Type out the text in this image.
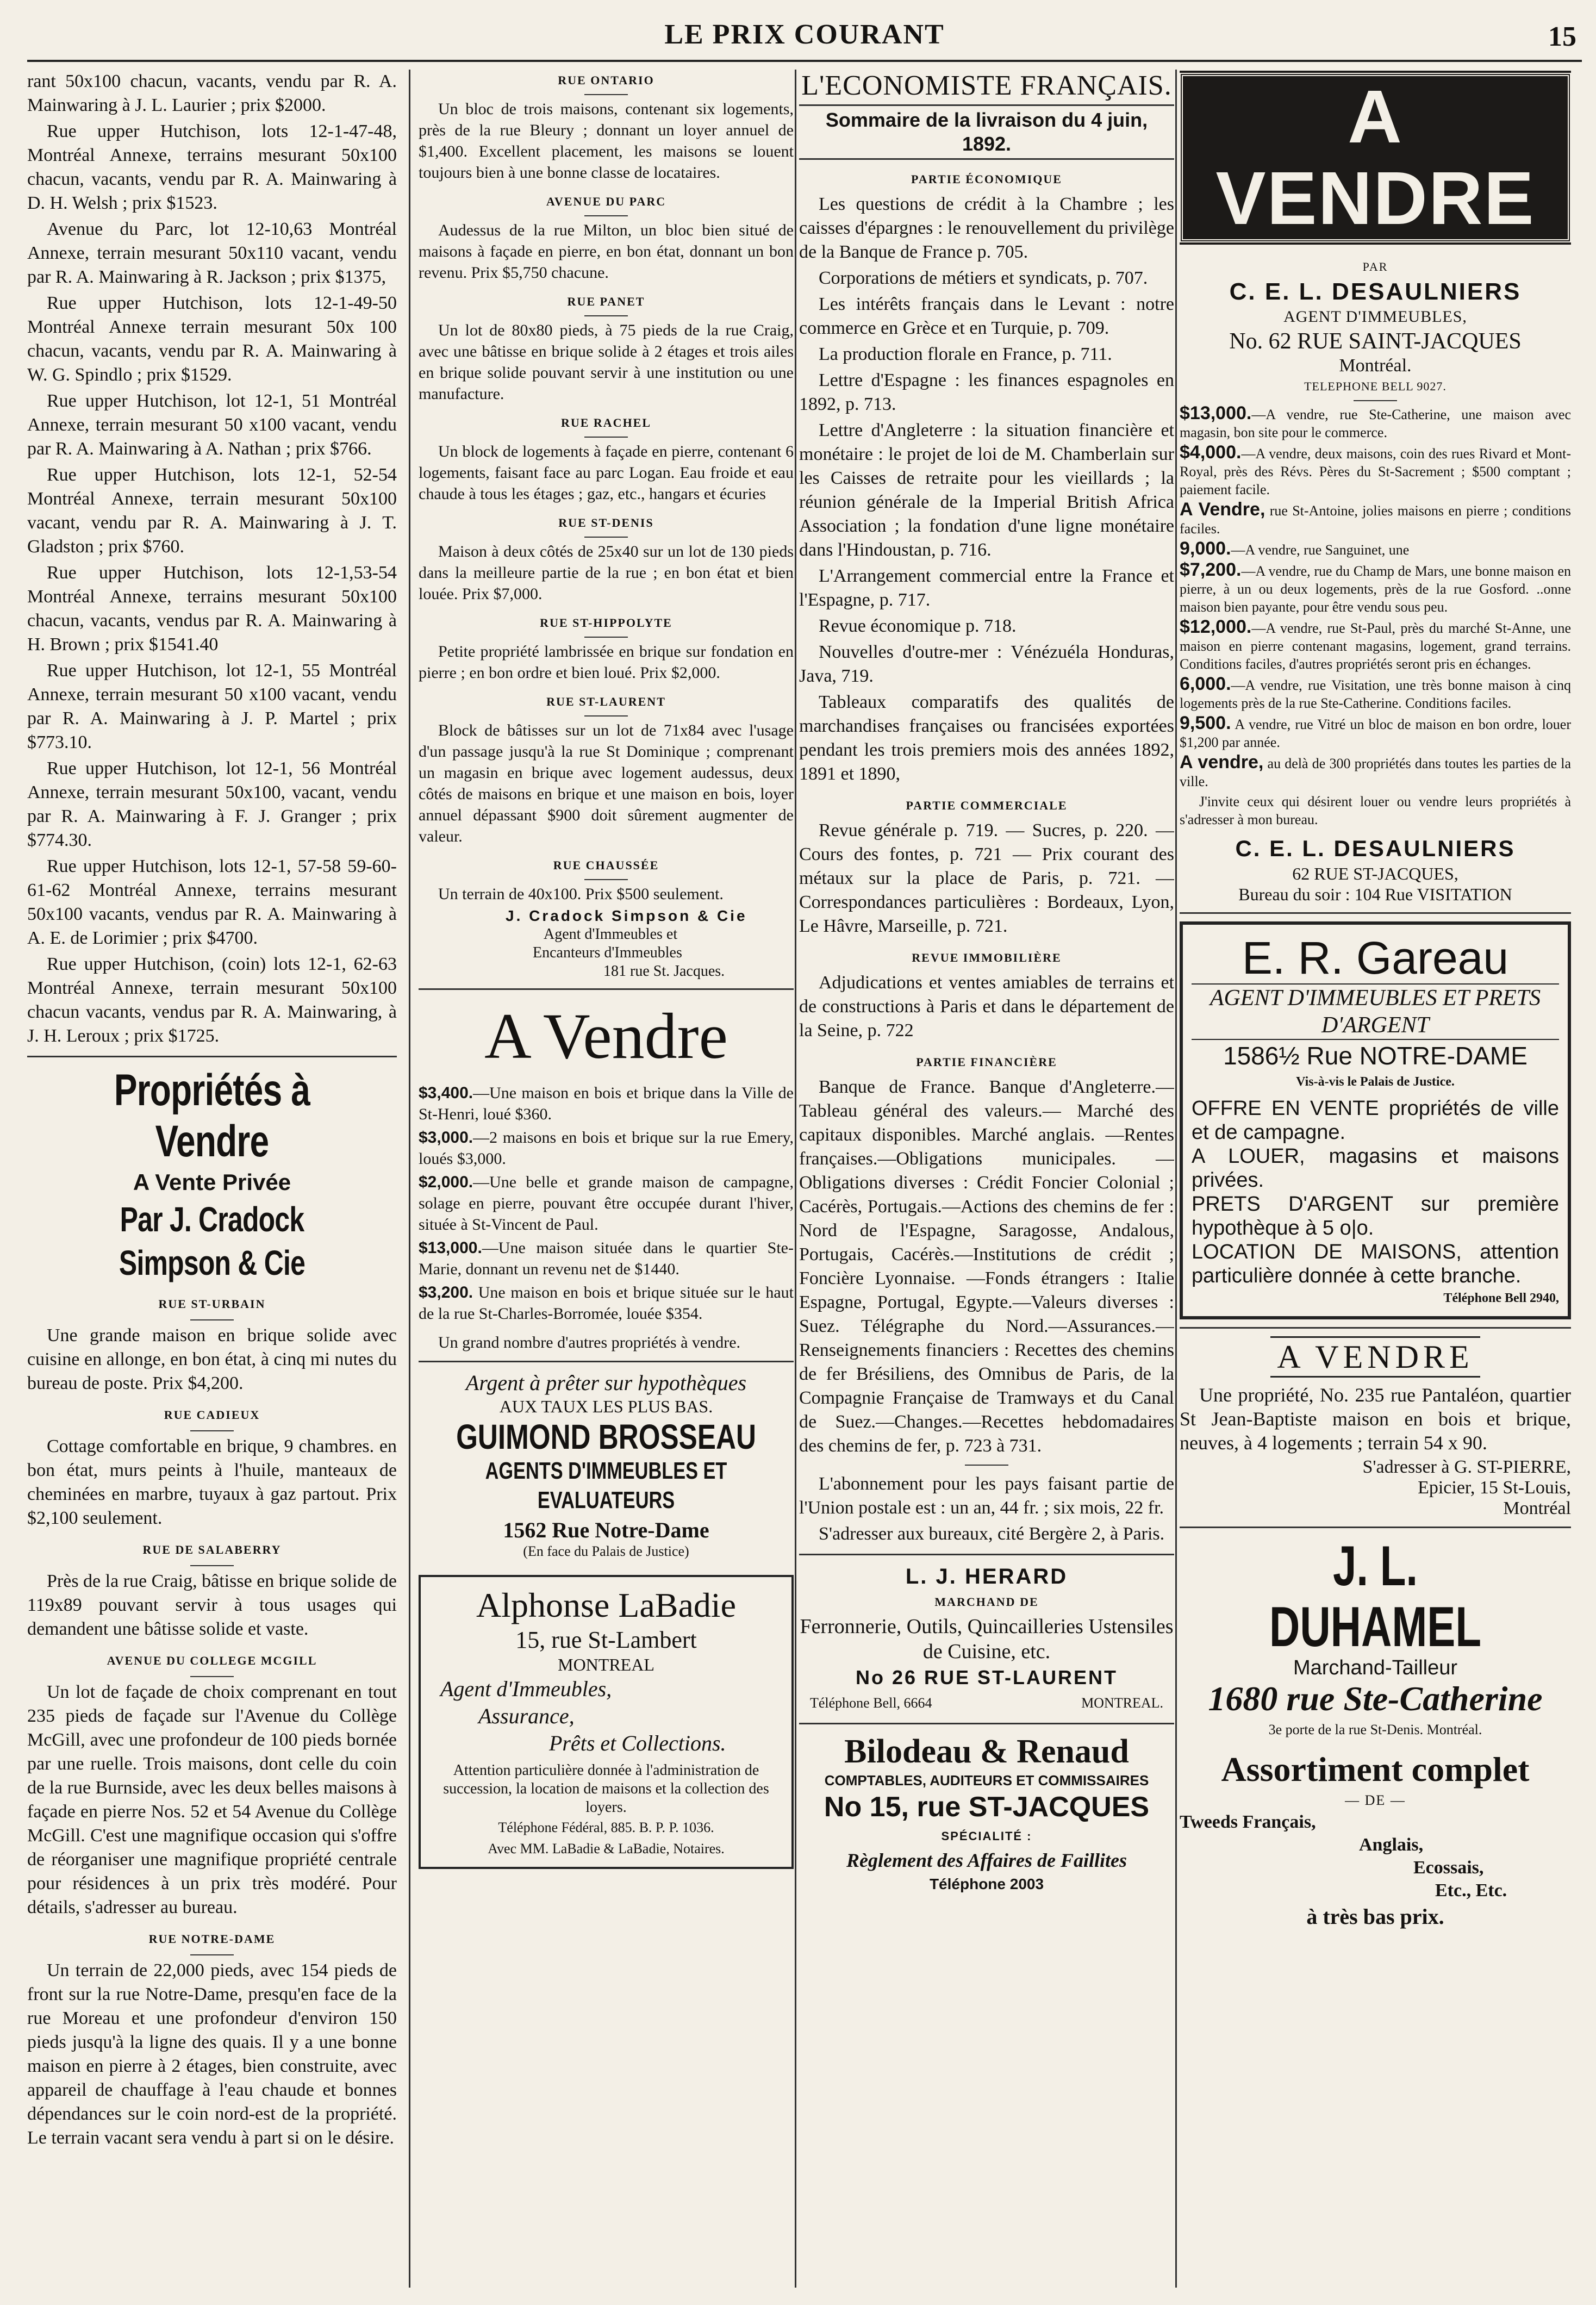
LE PRIX COURANT	15

rant 50x100 chacun, vacants, vendu par R. A. Mainwaring à J. L. Laurier ; prix $2000.

Rue upper Hutchison, lots 12-1-47-48, Montréal Annexe, terrains mesurant 50x100 chacun, vacants, vendu par R. A. Mainwaring à D. H. Welsh ; prix $1523.

Avenue du Parc, lot 12-10,63 Montréal Annexe, terrain mesurant 50x110 vacant, vendu par R. A. Mainwaring à R. Jackson ; prix $1375,

Rue upper Hutchison, lots 12-1-49-50 Montréal Annexe terrain mesurant 50x 100 chacun, vacants, vendu par R. A. Mainwaring à W. G. Spindlo ; prix $1529.

Rue upper Hutchison, lot 12-1, 51 Montréal Annexe, terrain mesurant 50 x100 vacant, vendu par R. A. Mainwaring à A. Nathan ; prix $766.

Rue upper Hutchison, lots 12-1, 52-54 Montréal Annexe, terrain mesurant 50x100 vacant, vendu par R. A. Mainwaring à J. T. Gladston ; prix $760.

Rue upper Hutchison, lots 12-1,53-54 Montréal Annexe, terrains mesurant 50x100 chacun, vacants, vendus par R. A. Mainwaring à H. Brown ; prix $1541.40

Rue upper Hutchison, lot 12-1, 55 Montréal Annexe, terrain mesurant 50 x100 vacant, vendu par R. A. Mainwaring à J. P. Martel ; prix $773.10.

Rue upper Hutchison, lot 12-1, 56 Montréal Annexe, terrain mesurant 50x100, vacant, vendu par R. A. Mainwaring à F. J. Granger ; prix $774.30.

Rue upper Hutchison, lots 12-1, 57-58 59-60-61-62 Montréal Annexe, terrains mesurant 50x100 vacants, vendus par R. A. Mainwaring à A. E. de Lorimier ; prix $4700.

Rue upper Hutchison, (coin) lots 12-1, 62-63 Montréal Annexe, terrain mesurant 50x100 chacun vacants, vendus par R. A. Mainwaring, à J. H. Leroux ; prix $1725.

Propriétés à Vendre
A Vente Privée
Par J. Cradock Simpson & Cie
RUE ST-URBAIN

Une grande maison en brique solide avec cuisine en allonge, en bon état, à cinq mi nutes du bureau de poste. Prix $4,200.

RUE CADIEUX

Cottage comfortable en brique, 9 chambres. en bon état, murs peints à l'huile, manteaux de cheminées en marbre, tuyaux à gaz partout. Prix $2,100 seulement.

RUE DE SALABERRY

Près de la rue Craig, bâtisse en brique solide de 119x89 pouvant servir à tous usages qui demandent une bâtisse solide et vaste.

AVENUE DU COLLEGE MCGILL

Un lot de façade de choix comprenant en tout 235 pieds de façade sur l'Avenue du Collège McGill, avec une profondeur de 100 pieds bornée par une ruelle. Trois maisons, dont celle du coin de la rue Burnside, avec les deux belles maisons à façade en pierre Nos. 52 et 54 Avenue du Collège McGill. C'est une magnifique occasion qui s'offre de réorganiser une magnifique propriété centrale pour résidences à un prix très modéré. Pour détails, s'adresser au bureau.

RUE NOTRE-DAME

Un terrain de 22,000 pieds, avec 154 pieds de front sur la rue Notre-Dame, presqu'en face de la rue Moreau et une profondeur d'environ 150 pieds jusqu'à la ligne des quais. Il y a une bonne maison en pierre à 2 étages, bien construite, avec appareil de chauffage à l'eau chaude et bonnes dépendances sur le coin nord-est de la propriété. Le terrain vacant sera vendu à part si on le désire.

RUE ONTARIO

Un bloc de trois maisons, contenant six logements, près de la rue Bleury ; donnant un loyer annuel de $1,400. Excellent placement, les maisons se louent toujours bien à une bonne classe de locataires.

AVENUE DU PARC

Audessus de la rue Milton, un bloc bien situé de maisons à façade en pierre, en bon état, donnant un bon revenu. Prix $5,750 chacune.

RUE PANET

Un lot de 80x80 pieds, à 75 pieds de la rue Craig, avec une bâtisse en brique solide à 2 étages et trois ailes en brique solide pouvant servir à une institution ou une manufacture.

RUE RACHEL

Un block de logements à façade en pierre, contenant 6 logements, faisant face au parc Logan. Eau froide et eau chaude à tous les étages ; gaz, etc., hangars et écuries

RUE ST-DENIS

Maison à deux côtés de 25x40 sur un lot de 130 pieds dans la meilleure partie de la rue ; en bon état et bien louée. Prix $7,000.

RUE ST-HIPPOLYTE

Petite propriété lambrissée en brique sur fondation en pierre ; en bon ordre et bien loué. Prix $2,000.

RUE ST-LAURENT

Block de bâtisses sur un lot de 71x84 avec l'usage d'un passage jusqu'à la rue St Dominique ; comprenant un magasin en brique avec logement audessus, deux côtés de maisons en brique et une maison en bois, loyer annuel dépassant $900 doit sûrement augmenter de valeur.

RUE CHAUSSÉE

Un terrain de 40x100. Prix $500 seulement.

J. Cradock Simpson & Cie
Agent d'Immeubles et
Encanteurs d'Immeubles
181 rue St. Jacques.
A Vendre

$3,400.—Une maison en bois et brique dans la Ville de St-Henri, loué $360.

$3,000.—2 maisons en bois et brique sur la rue Emery, loués $3,000.

$2,000.—Une belle et grande maison de campagne, solage en pierre, pouvant être occupée durant l'hiver, située à St-Vincent de Paul.

$13,000.—Une maison située dans le quartier Ste-Marie, donnant un revenu net de $1440.

$3,200. Une maison en bois et brique située sur le haut de la rue St-Charles-Borromée, louée $354.

Un grand nombre d'autres propriétés à vendre.

Argent à prêter sur hypothèques
AUX TAUX LES PLUS BAS.
GUIMOND BROSSEAU
AGENTS D'IMMEUBLES ET EVALUATEURS
1562 Rue Notre-Dame
(En face du Palais de Justice)
Alphonse LaBadie
15, rue St-Lambert
MONTREAL
Agent d'Immeubles,
Assurance,
Prêts et Collections.
Attention particulière donnée à l'administration de succession, la location de maisons et la collection des loyers.
Téléphone Fédéral, 885. B. P. P. 1036.
Avec MM. LaBadie & LaBadie, Notaires.
L'ECONOMISTE FRANÇAIS.
Sommaire de la livraison du 4 juin, 1892.
PARTIE ÉCONOMIQUE

Les questions de crédit à la Chambre ; les caisses d'épargnes : le renouvellement du privilège de la Banque de France p. 705.

Corporations de métiers et syndicats, p. 707.

Les intérêts français dans le Levant : notre commerce en Grèce et en Turquie, p. 709.

La production florale en France, p. 711.

Lettre d'Espagne : les finances espagnoles en 1892, p. 713.

Lettre d'Angleterre : la situation financière et monétaire : le projet de loi de M. Chamberlain sur les Caisses de retraite pour les vieillards ; la réunion générale de la Imperial British Africa Association ; la fondation d'une ligne monétaire dans l'Hindoustan, p. 716.

L'Arrangement commercial entre la France et l'Espagne, p. 717.

Revue économique p. 718.

Nouvelles d'outre-mer : Vénézuéla Honduras, Java, 719.

Tableaux comparatifs des qualités de marchandises françaises ou francisées exportées pendant les trois premiers mois des années 1892, 1891 et 1890,

PARTIE COMMERCIALE

Revue générale p. 719. — Sucres, p. 220. — Cours des fontes, p. 721 — Prix courant des métaux sur la place de Paris, p. 721. —Correspondances particulières : Bordeaux, Lyon, Le Hâvre, Marseille, p. 721.

REVUE IMMOBILIÈRE

Adjudications et ventes amiables de terrains et de constructions à Paris et dans le département de la Seine, p. 722

PARTIE FINANCIÈRE

Banque de France. Banque d'Angleterre.—Tableau général des valeurs.— Marché des capitaux disponibles. Marché anglais. —Rentes françaises.—Obligations municipales. — Obligations diverses : Crédit Foncier Colonial ; Cacérès, Portugais.—Actions des chemins de fer : Nord de l'Espagne, Saragosse, Andalous, Portugais, Cacérès.—Institutions de crédit ; Foncière Lyonnaise. —Fonds étrangers : Italie Espagne, Portugal, Egypte.—Valeurs diverses : Suez. Télégraphe du Nord.—Assurances.—Renseignements financiers : Recettes des chemins de fer Brésiliens, des Omnibus de Paris, de la Compagnie Française de Tramways et du Canal de Suez.—Changes.—Recettes hebdomadaires des chemins de fer, p. 723 à 731.

L'abonnement pour les pays faisant partie de l'Union postale est : un an, 44 fr. ; six mois, 22 fr.

S'adresser aux bureaux, cité Bergère 2, à Paris.

L. J. HERARD
MARCHAND DE
Ferronnerie, Outils, Quincailleries Ustensiles de Cuisine, etc.
No 26 RUE ST-LAURENT
Téléphone Bell, 6664	MONTREAL.
Bilodeau & Renaud
COMPTABLES, AUDITEURS ET COMMISSAIRES
No 15, rue ST-JACQUES
SPÉCIALITÉ :
Règlement des Affaires de Faillites
Téléphone 2003
A VENDRE
PAR
C. E. L. DESAULNIERS
AGENT D'IMMEUBLES,
No. 62 RUE SAINT-JACQUES
Montréal.
TELEPHONE BELL 9027.

$13,000.—A vendre, rue Ste-Catherine, une maison avec magasin, bon site pour le commerce.

$4,000.—A vendre, deux maisons, coin des rues Rivard et Mont-Royal, près des Révs. Pères du St-Sacrement ; $500 comptant ; paiement facile.

A Vendre, rue St-Antoine, jolies maisons en pierre ; conditions faciles.

9,000.—A vendre, rue Sanguinet, une

$7,200.—A vendre, rue du Champ de Mars, une bonne maison en pierre, à un ou deux logements, près de la rue Gosford. ..onne maison bien payante, pour être vendu sous peu.

$12,000.—A vendre, rue St-Paul, près du marché St-Anne, une maison en pierre contenant magasins, logement, grand terrains. Conditions faciles, d'autres propriétés seront pris en échanges.

6,000.—A vendre, rue Visitation, une très bonne maison à cinq logements près de la rue Ste-Catherine. Conditions faciles.

9,500. A vendre, rue Vitré un bloc de maison en bon ordre, louer $1,200 par année.

A vendre, au delà de 300 propriétés dans toutes les parties de la ville.

J'invite ceux qui désirent louer ou vendre leurs propriétés à s'adresser à mon bureau.

C. E. L. DESAULNIERS
62 RUE ST-JACQUES,
Bureau du soir : 104 Rue VISITATION
E. R. Gareau
AGENT D'IMMEUBLES ET PRETS D'ARGENT
1586½ Rue NOTRE-DAME
Vis-à-vis le Palais de Justice.
OFFRE EN VENTE propriétés de ville et de campagne.
A LOUER, magasins et maisons privées.
PRETS D'ARGENT sur première hypothèque à 5 o|o.
LOCATION DE MAISONS, attention particulière donnée à cette branche.
Téléphone Bell 2940,
A VENDRE

Une propriété, No. 235 rue Pantaléon, quartier St Jean-Baptiste maison en bois et brique, neuves, à 4 logements ; terrain 54 x 90.

S'adresser à G. ST-PIERRE,
Epicier, 15 St-Louis,
Montréal
J. L. DUHAMEL
Marchand-Tailleur
1680 rue Ste-Catherine
3e porte de la rue St-Denis. Montréal.
Assortiment complet
— DE —
Tweeds Français,
Anglais,
Ecossais,
Etc., Etc.
à très bas prix.
